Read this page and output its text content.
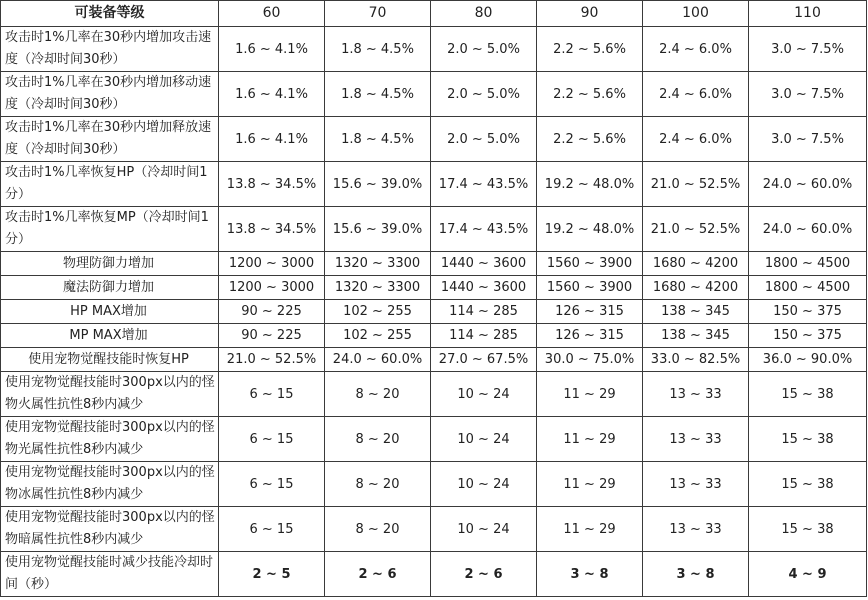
可装备等级	60	70	80	90	100	110
攻击时1%几率在30秒内增加攻击速度（冷却时间30秒）	1.6 ~ 4.1%	1.8 ~ 4.5%	2.0 ~ 5.0%	2.2 ~ 5.6%	2.4 ~ 6.0%	3.0 ~ 7.5%
攻击时1%几率在30秒内增加移动速度（冷却时间30秒）	1.6 ~ 4.1%	1.8 ~ 4.5%	2.0 ~ 5.0%	2.2 ~ 5.6%	2.4 ~ 6.0%	3.0 ~ 7.5%
攻击时1%几率在30秒内增加释放速度（冷却时间30秒）	1.6 ~ 4.1%	1.8 ~ 4.5%	2.0 ~ 5.0%	2.2 ~ 5.6%	2.4 ~ 6.0%	3.0 ~ 7.5%
攻击时1%几率恢复HP（冷却时间1分）	13.8 ~ 34.5%	15.6 ~ 39.0%	17.4 ~ 43.5%	19.2 ~ 48.0%	21.0 ~ 52.5%	24.0 ~ 60.0%
攻击时1%几率恢复MP（冷却时间1分）	13.8 ~ 34.5%	15.6 ~ 39.0%	17.4 ~ 43.5%	19.2 ~ 48.0%	21.0 ~ 52.5%	24.0 ~ 60.0%
物理防御力增加	1200 ~ 3000	1320 ~ 3300	1440 ~ 3600	1560 ~ 3900	1680 ~ 4200	1800 ~ 4500
魔法防御力增加	1200 ~ 3000	1320 ~ 3300	1440 ~ 3600	1560 ~ 3900	1680 ~ 4200	1800 ~ 4500
HP MAX增加	90 ~ 225	102 ~ 255	114 ~ 285	126 ~ 315	138 ~ 345	150 ~ 375
MP MAX增加	90 ~ 225	102 ~ 255	114 ~ 285	126 ~ 315	138 ~ 345	150 ~ 375
使用宠物觉醒技能时恢复HP	21.0 ~ 52.5%	24.0 ~ 60.0%	27.0 ~ 67.5%	30.0 ~ 75.0%	33.0 ~ 82.5%	36.0 ~ 90.0%
使用宠物觉醒技能时300px以内的怪物火属性抗性8秒内减少	6 ~ 15	8 ~ 20	10 ~ 24	11 ~ 29	13 ~ 33	15 ~ 38
使用宠物觉醒技能时300px以内的怪物光属性抗性8秒内减少	6 ~ 15	8 ~ 20	10 ~ 24	11 ~ 29	13 ~ 33	15 ~ 38
使用宠物觉醒技能时300px以内的怪物冰属性抗性8秒内减少	6 ~ 15	8 ~ 20	10 ~ 24	11 ~ 29	13 ~ 33	15 ~ 38
使用宠物觉醒技能时300px以内的怪物暗属性抗性8秒内减少	6 ~ 15	8 ~ 20	10 ~ 24	11 ~ 29	13 ~ 33	15 ~ 38
使用宠物觉醒技能时减少技能冷却时间（秒）	2 ~ 5	2 ~ 6	2 ~ 6	3 ~ 8	3 ~ 8	4 ~ 9
